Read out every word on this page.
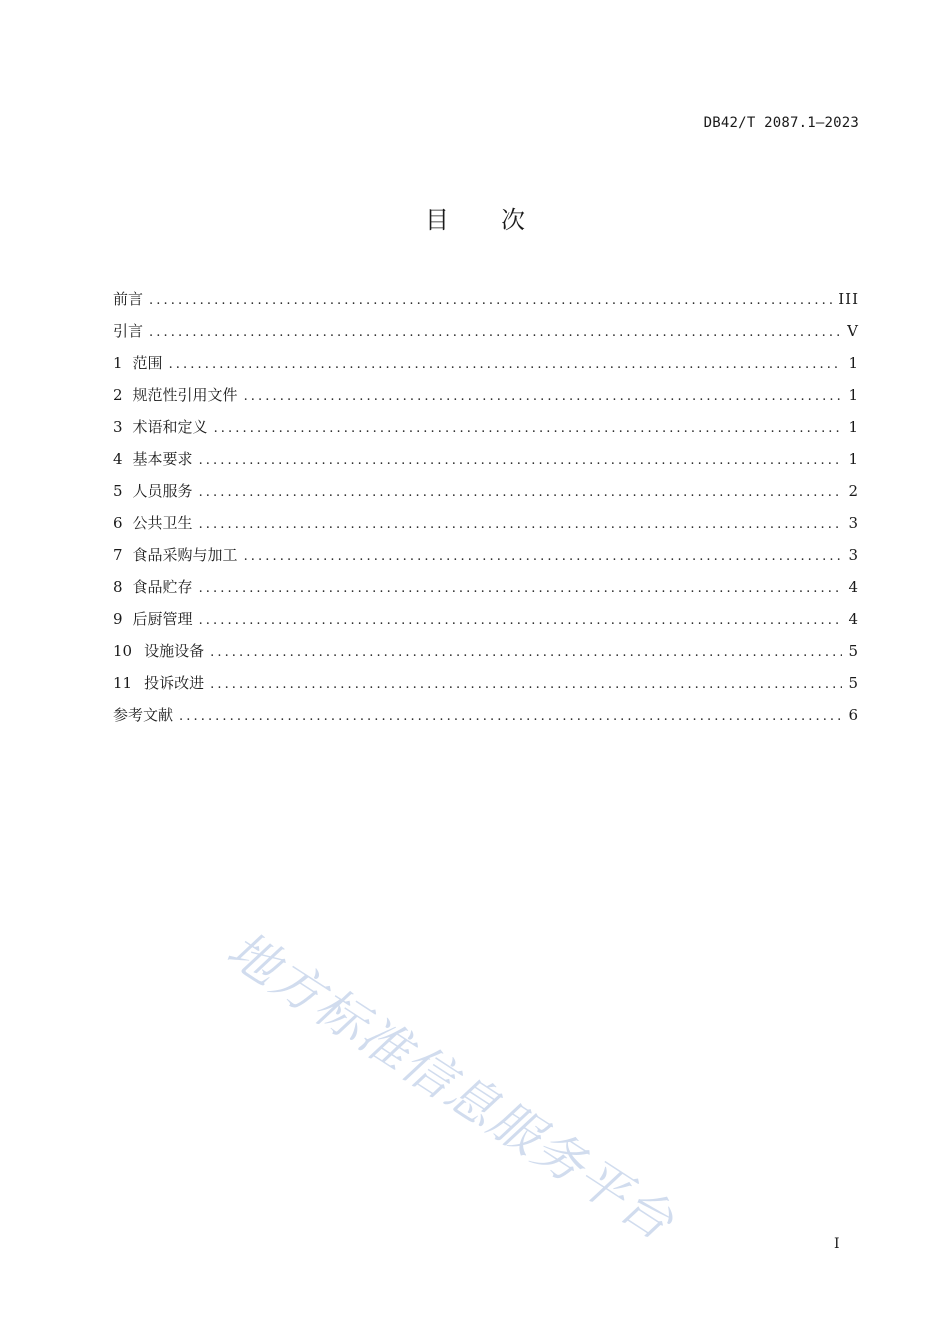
DB42/T 2087.1—2023
目 次
前言 .....	III
引言 .....	V
1 范围 .....	1
2 规范性引用文件 .....	1
3 术语和定义 .....	1
4 基本要求 .....	1
5 人员服务 .....	2
6 公共卫生 .....	3
7 食品采购与加工 .....	3
8 食品贮存 .....	4
9 后厨管理 .....	4
10 设施设备 .....	5
11 投诉改进 .....	5
参考文献 .....	6
地方标准信息服务平台	I
